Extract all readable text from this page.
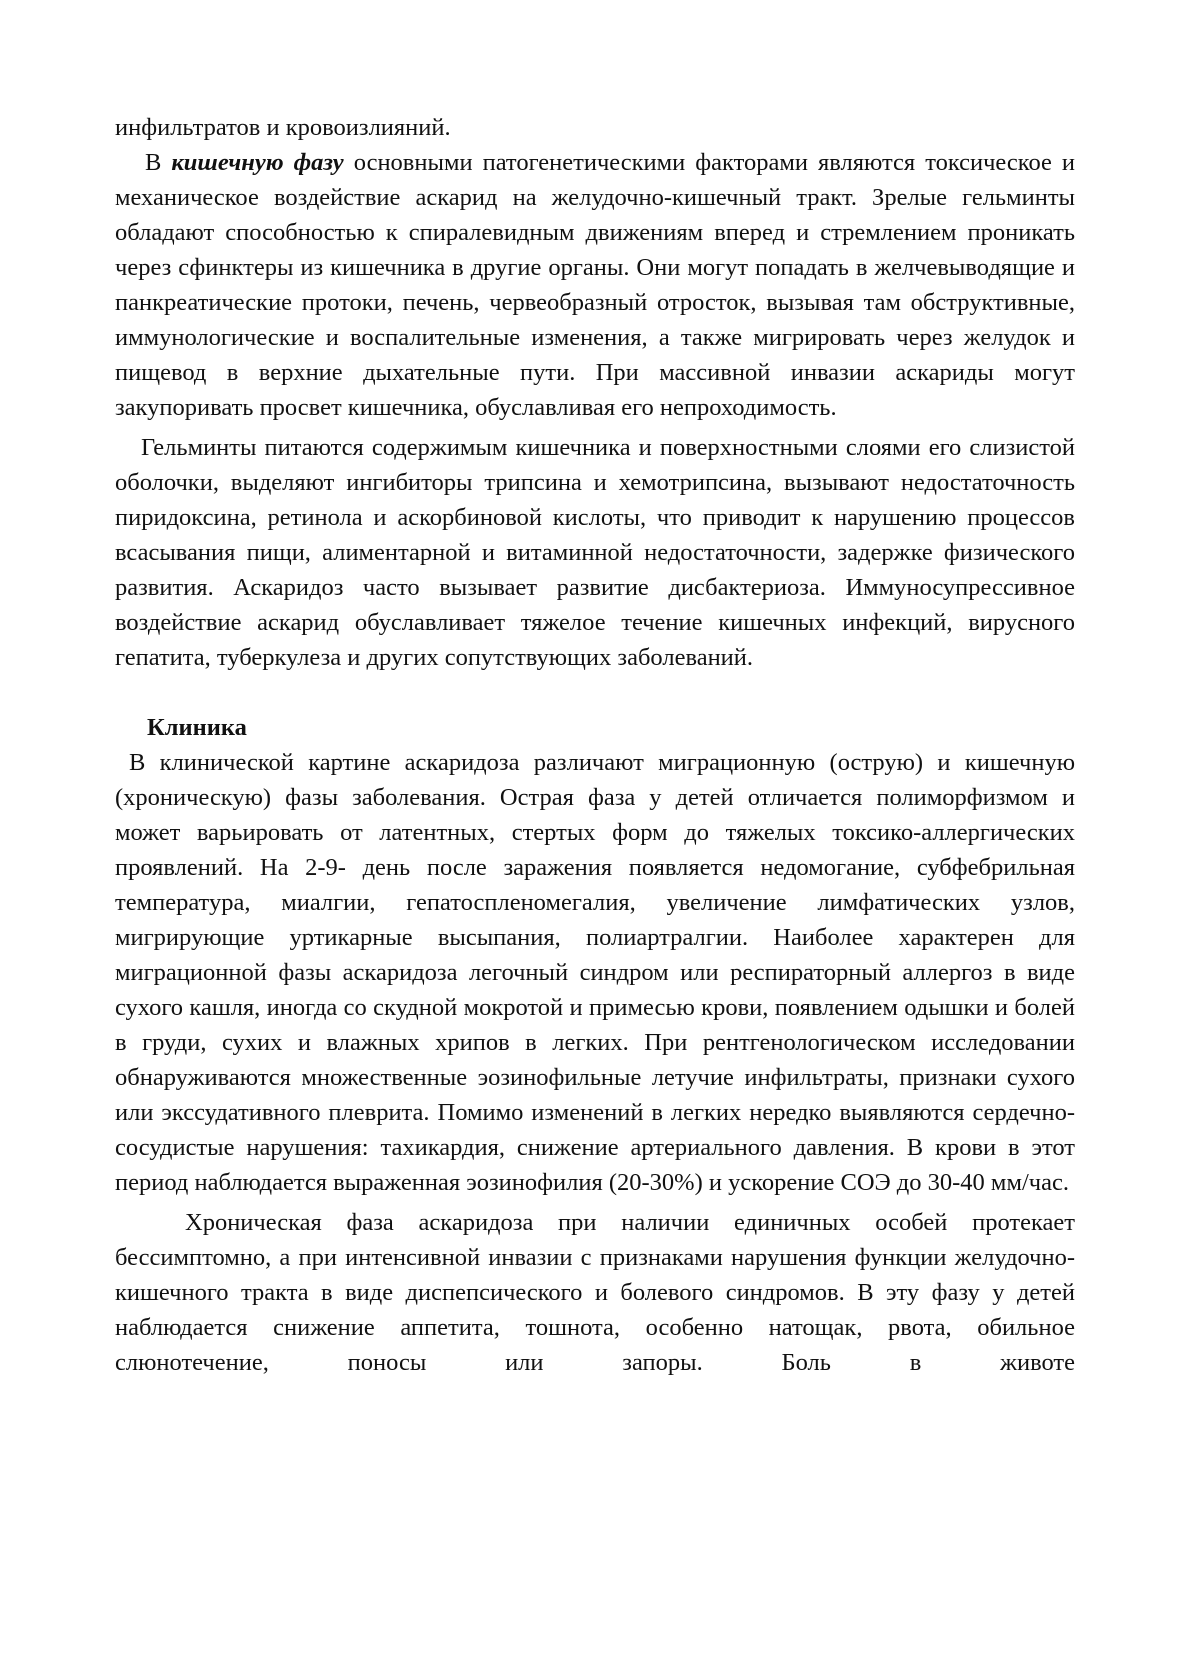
инфильтратов и кровоизлияний.

В кишечную фазу основными патогенетическими факторами являются токсическое и механическое воздействие аскарид на желудочно-кишечный тракт. Зрелые гельминты обладают способностью к спиралевидным движениям вперед и стремлением проникать через сфинктеры из кишечника в другие органы. Они могут попадать в желчевыводящие и панкреатические протоки, печень, червеобразный отросток, вызывая там обструктивные, иммунологические и воспалительные изменения, а также мигрировать через желудок и пищевод в верхние дыхательные пути. При массивной инвазии аскариды могут закупоривать просвет кишечника, обуславливая его непроходимость.

Гельминты питаются содержимым кишечника и поверхностными слоями его слизистой оболочки, выделяют ингибиторы трипсина и хемотрипсина, вызывают недостаточность пиридоксина, ретинола и аскорбиновой кислоты, что приводит к нарушению процессов всасывания пищи, алиментарной и витаминной недостаточности, задержке физического развития. Аскаридоз часто вызывает развитие дисбактериоза. Иммуносупрессивное воздействие аскарид обуславливает тяжелое течение кишечных инфекций, вирусного гепатита, туберкулеза и других сопутствующих заболеваний.

Клиника

В клинической картине аскаридоза различают миграционную (острую) и кишечную (хроническую) фазы заболевания. Острая фаза у детей отличается полиморфизмом и может варьировать от латентных, стертых форм до тяжелых токсико-аллергических проявлений. На 2-9- день после заражения появляется недомогание, субфебрильная температура, миалгии, гепатоспленомегалия, увеличение лимфатических узлов, мигрирующие уртикарные высыпания, полиартралгии. Наиболее характерен для миграционной фазы аскаридоза легочный синдром или респираторный аллергоз в виде сухого кашля, иногда со скудной мокротой и примесью крови, появлением одышки и болей в груди, сухих и влажных хрипов в легких. При рентгенологическом исследовании обнаруживаются множественные эозинофильные летучие инфильтраты, признаки сухого или экссудативного плеврита. Помимо изменений в легких нередко выявляются сердечно-сосудистые нарушения: тахикардия, снижение артериального давления. В крови в этот период наблюдается выраженная эозинофилия (20-30%) и ускорение СОЭ до 30-40 мм/час.

Хроническая фаза аскаридоза при наличии единичных особей протекает бессимптомно, а при интенсивной инвазии с признаками нарушения функции желудочно-кишечного тракта в виде диспепсического и болевого синдромов. В эту фазу у детей наблюдается снижение аппетита, тошнота, особенно натощак, рвота, обильное слюнотечение, поносы или запоры. Боль в животе
